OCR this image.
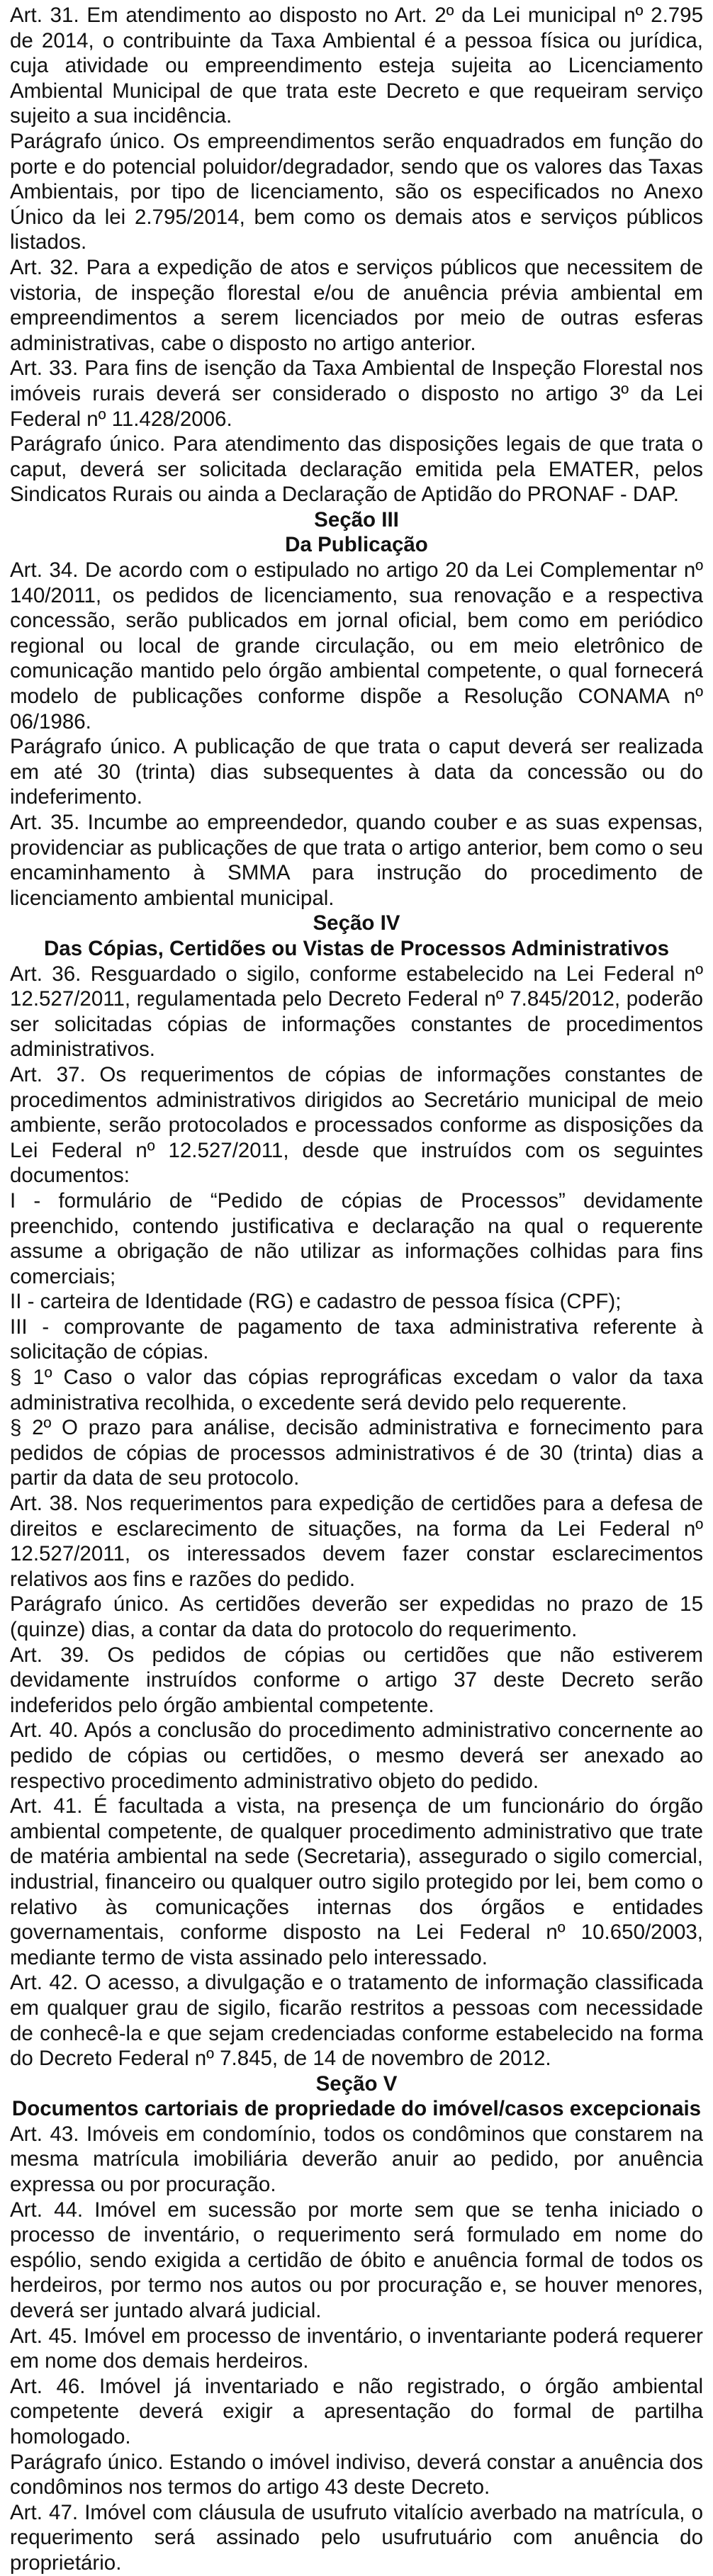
Art. 31. Em atendimento ao disposto no Art. 2º da Lei municipal nº 2.795 de 2014, o contribuinte da Taxa Ambiental é a pessoa física ou jurídica, cuja atividade ou empreendimento esteja sujeita ao Licenciamento Ambiental Municipal de que trata este Decreto e que requeiram serviço sujeito a sua incidência.

Parágrafo único. Os empreendimentos serão enquadrados em função do porte e do potencial poluidor/degradador, sendo que os valores das Taxas Ambientais, por tipo de licenciamento, são os especificados no Anexo Único da lei 2.795/2014, bem como os demais atos e serviços públicos listados.

Art. 32. Para a expedição de atos e serviços públicos que necessitem de vistoria, de inspeção florestal e/ou de anuência prévia ambiental em empreendimentos a serem licenciados por meio de outras esferas administrativas, cabe o disposto no artigo anterior.

Art. 33. Para fins de isenção da Taxa Ambiental de Inspeção Florestal nos imóveis rurais deverá ser considerado o disposto no artigo 3º da Lei Federal nº 11.428/2006.

Parágrafo único. Para atendimento das disposições legais de que trata o caput, deverá ser solicitada declaração emitida pela EMATER, pelos Sindicatos Rurais ou ainda a Declaração de Aptidão do PRONAF - DAP.

Seção III

Da Publicação

Art. 34. De acordo com o estipulado no artigo 20 da Lei Complementar nº 140/2011, os pedidos de licenciamento, sua renovação e a respectiva concessão, serão publicados em jornal oficial, bem como em periódico regional ou local de grande circulação, ou em meio eletrônico de comunicação mantido pelo órgão ambiental competente, o qual fornecerá modelo de publicações conforme dispõe a Resolução CONAMA nº 06/1986.

Parágrafo único. A publicação de que trata o caput deverá ser realizada em até 30 (trinta) dias subsequentes à data da concessão ou do indeferimento.

Art. 35. Incumbe ao empreendedor, quando couber e as suas expensas, providenciar as publicações de que trata o artigo anterior, bem como o seu encaminhamento à SMMA para instrução do procedimento de licenciamento ambiental municipal.

Seção IV

Das Cópias, Certidões ou Vistas de Processos Administrativos

Art. 36. Resguardado o sigilo, conforme estabelecido na Lei Federal nº 12.527/2011, regulamentada pelo Decreto Federal nº 7.845/2012, poderão ser solicitadas cópias de informações constantes de procedimentos administrativos.

Art. 37. Os requerimentos de cópias de informações constantes de procedimentos administrativos dirigidos ao Secretário municipal de meio ambiente, serão protocolados e processados conforme as disposições da Lei Federal nº 12.527/2011, desde que instruídos com os seguintes documentos:

I - formulário de “Pedido de cópias de Processos” devidamente preenchido, contendo justificativa e declaração na qual o requerente assume a obrigação de não utilizar as informações colhidas para fins comerciais;

II - carteira de Identidade (RG) e cadastro de pessoa física (CPF);

III - comprovante de pagamento de taxa administrativa referente à solicitação de cópias.

§ 1º Caso o valor das cópias reprográficas excedam o valor da taxa administrativa recolhida, o excedente será devido pelo requerente.

§ 2º O prazo para análise, decisão administrativa e fornecimento para pedidos de cópias de processos administrativos é de 30 (trinta) dias a partir da data de seu protocolo.

Art. 38. Nos requerimentos para expedição de certidões para a defesa de direitos e esclarecimento de situações, na forma da Lei Federal nº 12.527/2011, os interessados devem fazer constar esclarecimentos relativos aos fins e razões do pedido.

Parágrafo único. As certidões deverão ser expedidas no prazo de 15 (quinze) dias, a contar da data do protocolo do requerimento.

Art. 39. Os pedidos de cópias ou certidões que não estiverem devidamente instruídos conforme o artigo 37 deste Decreto serão indeferidos pelo órgão ambiental competente.

Art. 40. Após a conclusão do procedimento administrativo concernente ao pedido de cópias ou certidões, o mesmo deverá ser anexado ao respectivo procedimento administrativo objeto do pedido.

Art. 41. É facultada a vista, na presença de um funcionário do órgão ambiental competente, de qualquer procedimento administrativo que trate de matéria ambiental na sede (Secretaria), assegurado o sigilo comercial, industrial, financeiro ou qualquer outro sigilo protegido por lei, bem como o relativo às comunicações internas dos órgãos e entidades governamentais, conforme disposto na Lei Federal nº 10.650/2003, mediante termo de vista assinado pelo interessado.

Art. 42. O acesso, a divulgação e o tratamento de informação classificada em qualquer grau de sigilo, ficarão restritos a pessoas com necessidade de conhecê-la e que sejam credenciadas conforme estabelecido na forma do Decreto Federal nº 7.845, de 14 de novembro de 2012.

Seção V

Documentos cartoriais de propriedade do imóvel/casos excepcionais

Art. 43. Imóveis em condomínio, todos os condôminos que constarem na mesma matrícula imobiliária deverão anuir ao pedido, por anuência expressa ou por procuração.

Art. 44. Imóvel em sucessão por morte sem que se tenha iniciado o processo de inventário, o requerimento será formulado em nome do espólio, sendo exigida a certidão de óbito e anuência formal de todos os herdeiros, por termo nos autos ou por procuração e, se houver menores, deverá ser juntado alvará judicial.

Art. 45. Imóvel em processo de inventário, o inventariante poderá requerer em nome dos demais herdeiros.

Art. 46. Imóvel já inventariado e não registrado, o órgão ambiental competente deverá exigir a apresentação do formal de partilha homologado.

Parágrafo único. Estando o imóvel indiviso, deverá constar a anuência dos condôminos nos termos do artigo 43 deste Decreto.

Art. 47. Imóvel com cláusula de usufruto vitalício averbado na matrícula, o requerimento será assinado pelo usufrutuário com anuência do proprietário.
